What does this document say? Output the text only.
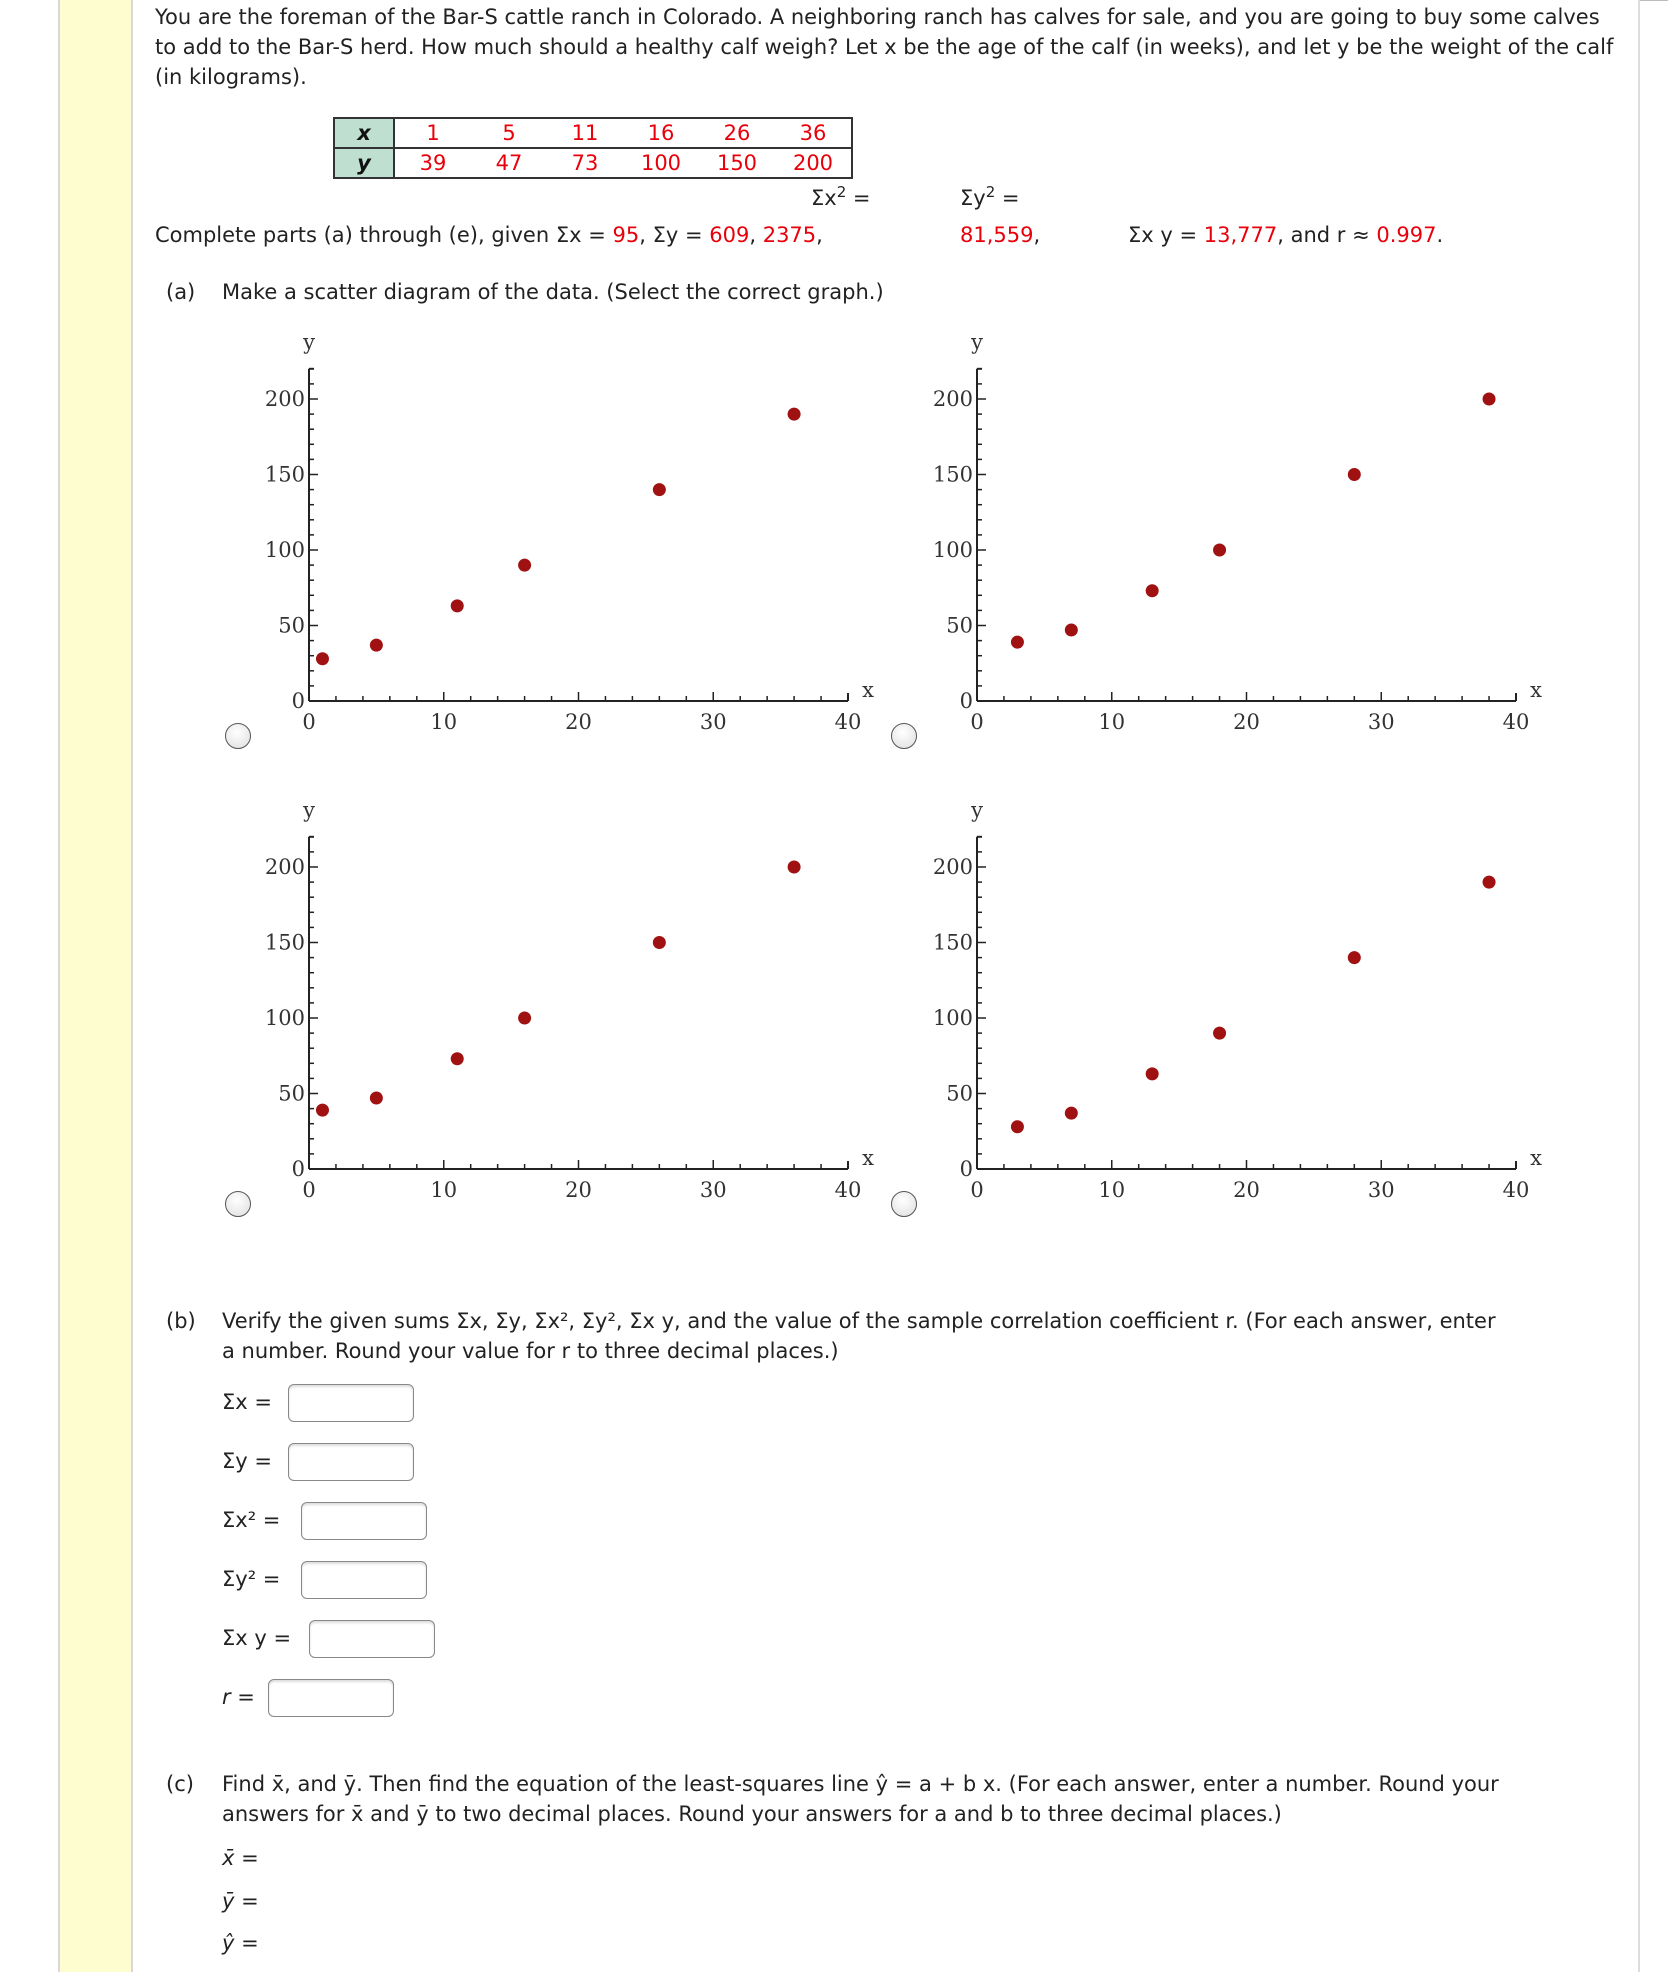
You are the foreman of the Bar-S cattle ranch in Colorado. A neighboring ranch has calves for sale, and you are going to buy some calves to add to the Bar-S herd. How much should a healthy calf weigh? Let x be the age of the calf (in weeks), and let y be the weight of the calf (in kilograms).

x	1	5	11	16	26	36
y	39	47	73	100	150	200
$\Sigma x^2$ =	$\Sigma y^2$ =
Complete parts (a) through (e), given Σx = 95, Σy = 609, 2375,	81,559,	Σx y = 13,777, and r ≈ 0.997.
(a) Make a scatter diagram of the data. (Select the correct graph.)
0
50
100
150
200
0	10	20	30	40
y
x	0
50
100
150
200
0	10	20	30	40
y
x
0
50
100
150
200
0	10	20	30	40
y
x	0
50
100
150
200
0	10	20	30	40
y
x
(b) Verify the given sums Σx, Σy, Σx², Σy², Σx y, and the value of the sample correlation coefficient r. (For each answer, enter
a number. Round your value for r to three decimal places.)
Σx =
Σy =
Σx² =
Σy² =
Σx y =
r =
(c) Find x̄, and ȳ. Then find the equation of the least-squares line ŷ = a + b x. (For each answer, enter a number. Round your
answers for x̄ and ȳ to two decimal places. Round your answers for a and b to three decimal places.)
x̄ =
ȳ =
ŷ =
